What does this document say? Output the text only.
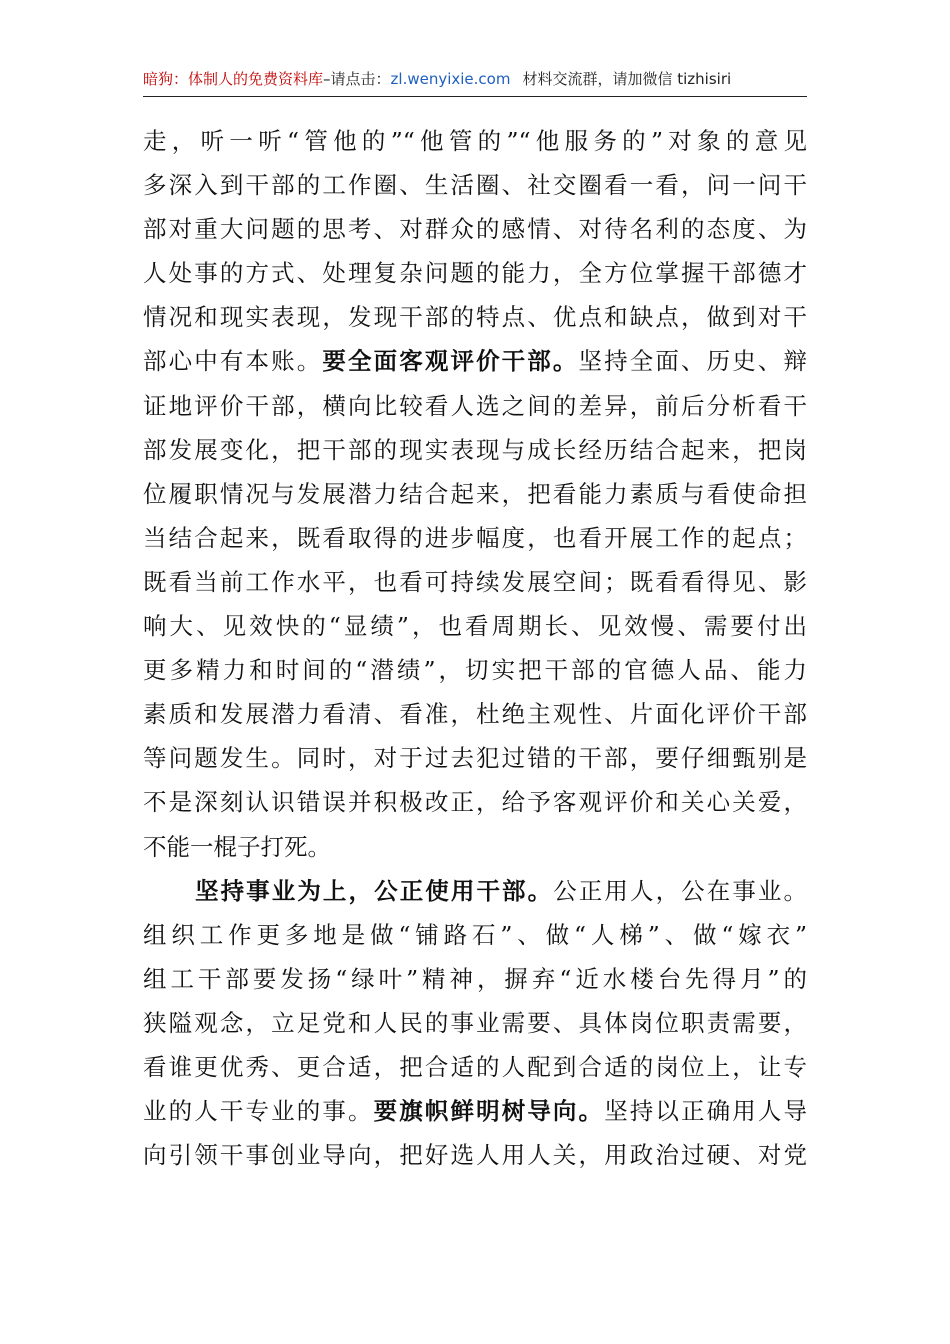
暗狗：体制人的免费资料库–请点击：zl.wenyixie.com 材料交流群，请加微信 tizhisiri
走，听一听“管他的”“他管的”“他服务的”对象的意见
多深入到干部的工作圈、生活圈、社交圈看一看，问一问干
部对重大问题的思考、对群众的感情、对待名利的态度、为
人处事的方式、处理复杂问题的能力，全方位掌握干部德才
情况和现实表现，发现干部的特点、优点和缺点，做到对干
部心中有本账。要全面客观评价干部。坚持全面、历史、辩
证地评价干部，横向比较看人选之间的差异，前后分析看干
部发展变化，把干部的现实表现与成长经历结合起来，把岗
位履职情况与发展潜力结合起来，把看能力素质与看使命担
当结合起来，既看取得的进步幅度，也看开展工作的起点；
既看当前工作水平，也看可持续发展空间；既看看得见、影
响大、见效快的“显绩”，也看周期长、见效慢、需要付出
更多精力和时间的“潜绩”，切实把干部的官德人品、能力
素质和发展潜力看清、看准，杜绝主观性、片面化评价干部
等问题发生。同时，对于过去犯过错的干部，要仔细甄别是
不是深刻认识错误并积极改正，给予客观评价和关心关爱，
不能一棍子打死。
坚持事业为上，公正使用干部。公正用人，公在事业。
组织工作更多地是做“铺路石”、做“人梯”、做“嫁衣”
组工干部要发扬“绿叶”精神，摒弃“近水楼台先得月”的
狭隘观念，立足党和人民的事业需要、具体岗位职责需要，
看谁更优秀、更合适，把合适的人配到合适的岗位上，让专
业的人干专业的事。要旗帜鲜明树导向。坚持以正确用人导
向引领干事创业导向，把好选人用人关，用政治过硬、对党
